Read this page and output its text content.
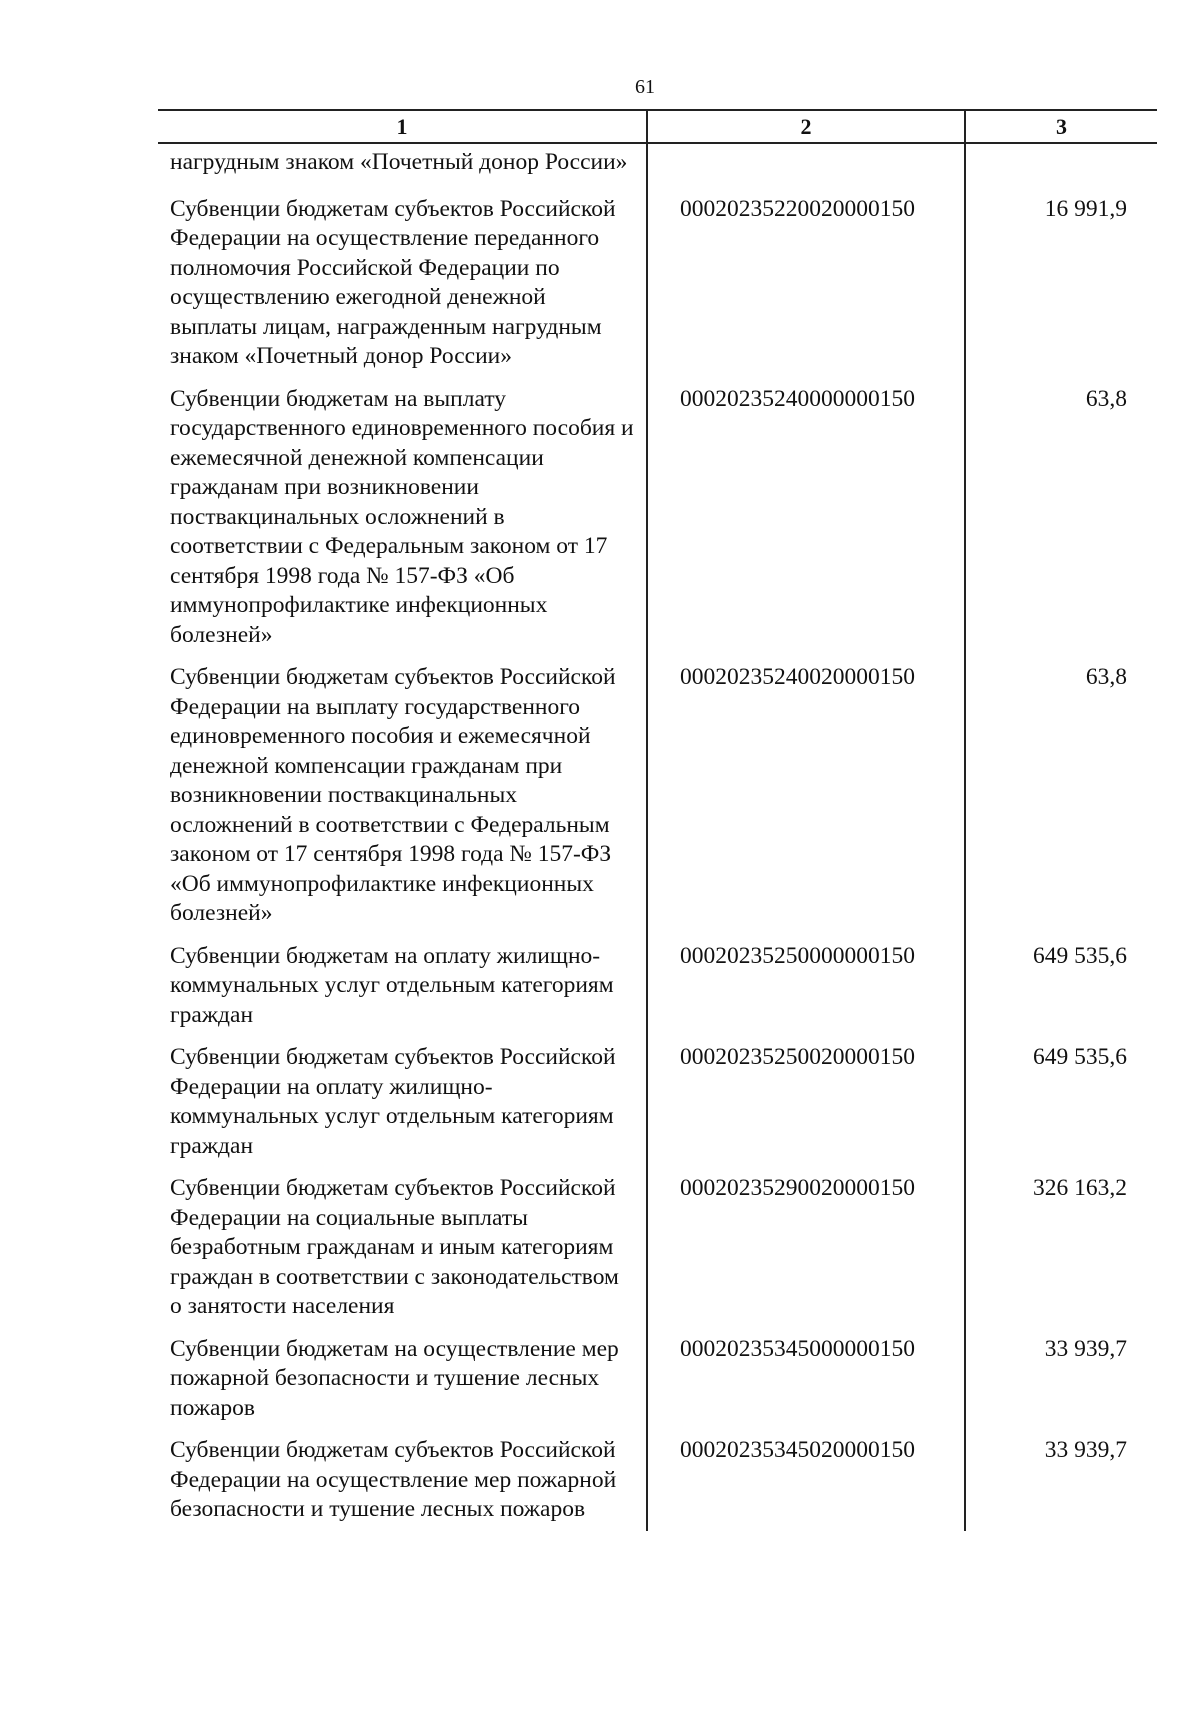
61
1	2	3
нагрудным знаком «Почетный донор России»		
Субвенции бюджетам субъектов Российской Федерации на осуществление переданного полномочия Российской Федерации по осуществлению ежегодной денежной выплаты лицам, награжденным нагрудным знаком «Почетный донор России»	00020235220020000150	16 991,9
Субвенции бюджетам на выплату государственного единовременного пособия и ежемесячной денежной компенсации гражданам при возникновении поствакцинальных осложнений в соответствии с Федеральным законом от 17 сентября 1998 года № 157-ФЗ «Об иммунопрофилактике инфекционных болезней»	00020235240000000150	63,8
Субвенции бюджетам субъектов Российской Федерации на выплату государственного единовременного пособия и ежемесячной денежной компенсации гражданам при возникновении поствакцинальных осложнений в соответствии с Федеральным законом от 17 сентября 1998 года № 157-ФЗ «Об иммунопрофилактике инфекционных болезней»	00020235240020000150	63,8
Субвенции бюджетам на оплату жилищно-коммунальных услуг отдельным категориям граждан	00020235250000000150	649 535,6
Субвенции бюджетам субъектов Российской Федерации на оплату жилищно-коммунальных услуг отдельным категориям граждан	00020235250020000150	649 535,6
Субвенции бюджетам субъектов Российской Федерации на социальные выплаты безработным гражданам и иным категориям граждан в соответствии с законодательством о занятости населения	00020235290020000150	326 163,2
Субвенции бюджетам на осуществление мер пожарной безопасности и тушение лесных пожаров	00020235345000000150	33 939,7
Субвенции бюджетам субъектов Российской Федерации на осуществление мер пожарной безопасности и тушение лесных пожаров	00020235345020000150	33 939,7
